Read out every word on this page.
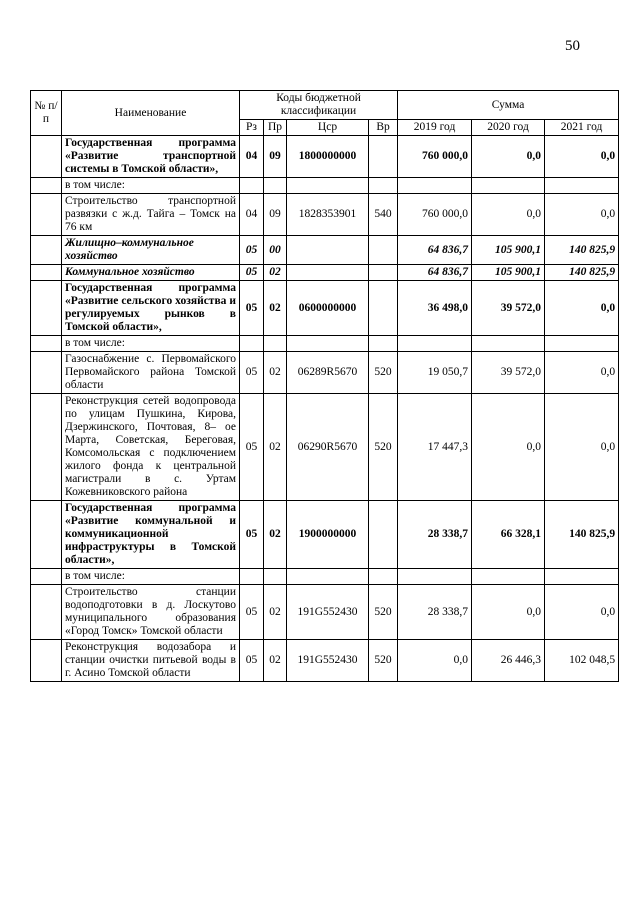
50
№ п/п	Наименование	Коды бюджетной классификации				Сумма		
		Рз	Пр	Цср	Вр	2019 год	2020 год	2021 год
	Государственная программа «Развитие транспортной системы в Томской области»,	04	09	1800000000		760 000,0	0,0	0,0
	в том числе:							
	Строительство транспортной развязки с ж.д. Тайга – Томск на 76 км	04	09	1828353901	540	760 000,0	0,0	0,0
	Жилищно–коммунальное хозяйство	05	00			64 836,7	105 900,1	140 825,9
	Коммунальное хозяйство	05	02			64 836,7	105 900,1	140 825,9
	Государственная программа «Развитие сельского хозяйства и регулируемых рынков в Томской области»,	05	02	0600000000		36 498,0	39 572,0	0,0
	в том числе:							
	Газоснабжение с. Первомайского Первомайского района Томской области	05	02	06289R5670	520	19 050,7	39 572,0	0,0
	Реконструкция сетей водопровода по улицам Пушкина, Кирова, Дзержинского, Почтовая, 8– ое Марта, Советская, Береговая, Комсомольская с подключением жилого фонда к центральной магистрали в с. Уртам Кожевниковского района	05	02	06290R5670	520	17 447,3	0,0	0,0
	Государственная программа «Развитие коммунальной и коммуникационной инфраструктуры в Томской области»,	05	02	1900000000		28 338,7	66 328,1	140 825,9
	в том числе:							
	Строительство станции водоподготовки в д. Лоскутово муниципального образования «Город Томск» Томской области	05	02	191G552430	520	28 338,7	0,0	0,0
	Реконструкция водозабора и станции очистки питьевой воды в г. Асино Томской области	05	02	191G552430	520	0,0	26 446,3	102 048,5
